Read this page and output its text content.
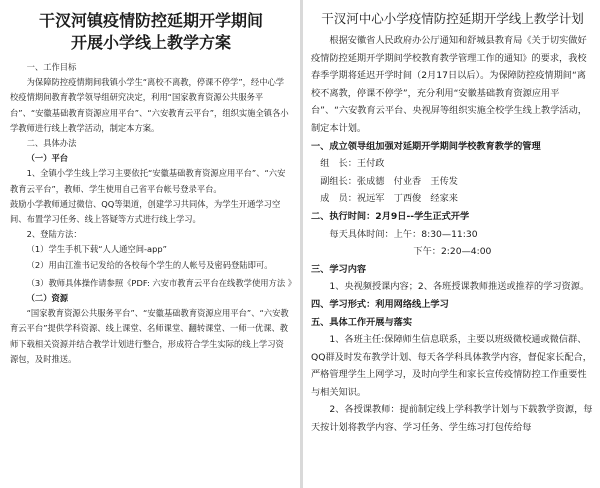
干汊河镇疫情防控延期开学期间
开展小学线上教学方案

一、工作目标

为保障防控疫情期间我镇小学生“离校不离教，停课不停学”，经中心学校疫情期间教育教学领导组研究决定，利用“国家教育资源公共服务平台”、“安徽基础教育资源应用平台”、“六安教育云平台”，组织实施全镇各小学教师进行线上教学活动，制定本方案。

二、具体办法

（一）平台

1、全镇小学生线上学习主要依托“安徽基础教育资源应用平台”、“六安教育云平台”，教师、学生使用自己省平台帐号登录平台。

鼓励小学教师通过微信、QQ等渠道，创建学习共同体，为学生开通学习空间、布置学习任务、线上答疑等方式进行线上学习。

2、登陆方法：

（1）学生手机下载“人人通空间-app”

（2）用由江淮书记发给的各校每个学生的人帐号及密码登陆即可。

（3）教师具体操作请参照《PDF: 六安市教育云平台在线教学使用方法 》

（二）资源

“国家教育资源公共服务平台”、“安徽基础教育资源应用平台”、“六安教育云平台”提供学科资源、线上课堂、名师课堂、翻转课堂、一师一优课、教师下载相关资源并结合教学计划进行整合，形成符合学生实际的线上学习资源包，及时推送。

干汊河中心小学疫情防控延期开学线上教学计划

根据安徽省人民政府办公厅通知和舒城县教育局《关于切实做好疫情防控延期开学期间学校教育教学管理工作的通知》的要求，我校春季学期将延迟开学时间（2月17日以后）。为保障防控疫情期间“离校不离教，停课不停学”，充分利用“安徽基础教育资源应用平台”、“六安教育云平台、央视屏等组织实施全校学生线上教学活动，制定本计划。

一、成立领导组加强对延期开学期间学校教育教学的管理

组　长：王付政

副组长：张成德　付业香　王传发

成　员：祝远军　丁西俊　经家来

二、执行时间：2月9日--学生正式开学

每天具体时间：上午： 8:30—11:30
下午： 2:20—4:00

三、学习内容

1、央视频授课内容；2、各班授课教师推送或推荐的学习资源。

四、学习形式：利用网络线上学习

五、具体工作开展与落实

1、各班主任:保障师生信息联系，主要以班级微校通或微信群、QQ群及时发布教学计划、每天各学科具体教学内容，督促家长配合，严格管理学生上网学习，及时向学生和家长宣传疫情防控工作重要性与相关知识。

2、各授课教师：提前制定线上学科教学计划与下载教学资源，每天按计划将教学内容、学习任务、学生练习打包传给每
